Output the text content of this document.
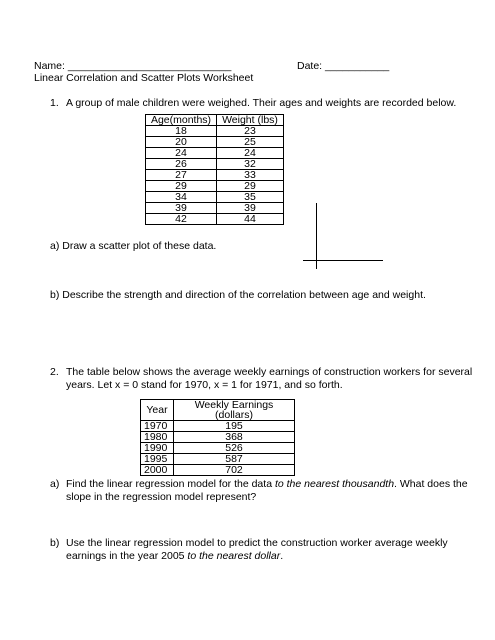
Name: ____________________________	Date: ___________
Linear Correlation and Scatter Plots Worksheet
1. A group of male children were weighed. Their ages and weights are recorded below.
Age(months)	Weight (lbs)
18	23
20	25
24	24
26	32
27	33
29	29
34	35
39	39
42	44
a) Draw a scatter plot of these data.
b) Describe the strength and direction of the correlation between age and weight.
2. The table below shows the average weekly earnings of construction workers for several
years. Let x = 0 stand for 1970, x = 1 for 1971, and so forth.
Year	Weekly Earnings (dollars)
1970	195
1980	368
1990	526
1995	587
2000	702
a) Find the linear regression model for the data to the nearest thousandth. What does the
slope in the regression model represent?
b) Use the linear regression model to predict the construction worker average weekly
earnings in the year 2005 to the nearest dollar.
